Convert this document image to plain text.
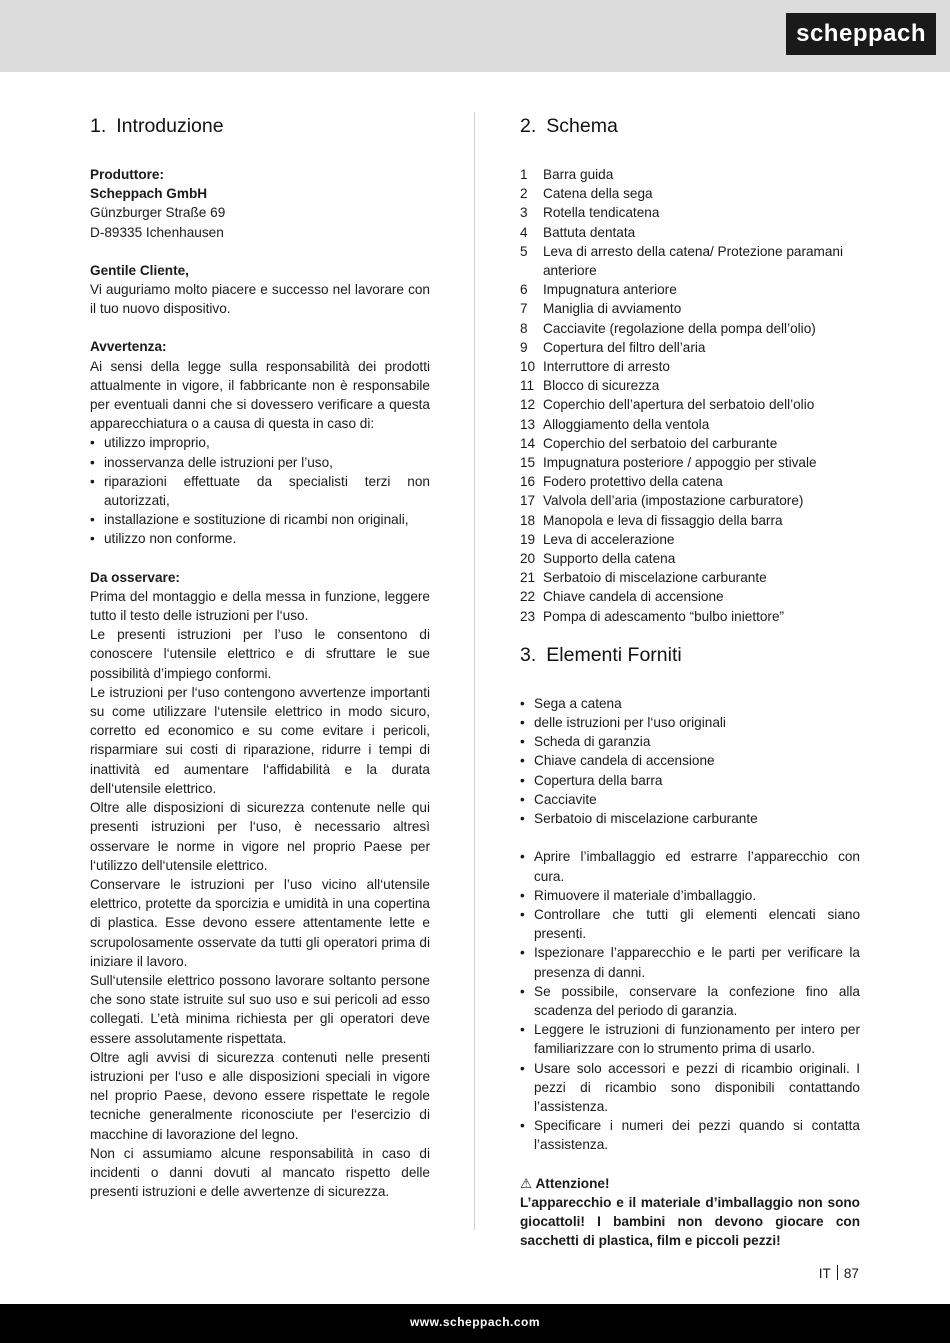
scheppach
1. Introduzione

Produttore:

Scheppach GmbH

Günzburger Straße 69

D-89335 Ichenhausen

Gentile Cliente,

Vi auguriamo molto piacere e successo nel lavorare con il tuo nuovo dispositivo.

Avvertenza:

Ai sensi della legge sulla responsabilità dei prodotti attualmente in vigore, il fabbricante non è responsabile per eventuali danni che si dovessero verificare a questa apparecchiatura o a causa di questa in caso di:

• utilizzo improprio,
• inosservanza delle istruzioni per l’uso,
• riparazioni effettuate da specialisti terzi non autorizzati,
• installazione e sostituzione di ricambi non originali,
• utilizzo non conforme.

Da osservare:

Prima del montaggio e della messa in funzione, leggere tutto il testo delle istruzioni per l‘uso.

Le presenti istruzioni per l’uso le consentono di conoscere l‘utensile elettrico e di sfruttare le sue possibilità d’impiego conformi.

Le istruzioni per l‘uso contengono avvertenze importanti su come utilizzare l‘utensile elettrico in modo sicuro, corretto ed economico e su come evitare i pericoli, risparmiare sui costi di riparazione, ridurre i tempi di inattività ed aumentare l‘affidabilità e la durata dell‘utensile elettrico.

Oltre alle disposizioni di sicurezza contenute nelle qui presenti istruzioni per l‘uso, è necessario altresì osservare le norme in vigore nel proprio Paese per l‘utilizzo dell‘utensile elettrico.

Conservare le istruzioni per l’uso vicino all‘utensile elettrico, protette da sporcizia e umidità in una copertina di plastica. Esse devono essere attentamente lette e scrupolosamente osservate da tutti gli operatori prima di iniziare il lavoro.

Sull‘utensile elettrico possono lavorare soltanto persone che sono state istruite sul suo uso e sui pericoli ad esso collegati. L’età minima richiesta per gli operatori deve essere assolutamente rispettata.

Oltre agli avvisi di sicurezza contenuti nelle presenti istruzioni per l‘uso e alle disposizioni speciali in vigore nel proprio Paese, devono essere rispettate le regole tecniche generalmente riconosciute per l‘esercizio di macchine di lavorazione del legno.

Non ci assumiamo alcune responsabilità in caso di incidenti o danni dovuti al mancato rispetto delle presenti istruzioni e delle avvertenze di sicurezza.

2. Schema
1 Barra guida
2 Catena della sega
3 Rotella tendicatena
4 Battuta dentata
5 Leva di arresto della catena/ Protezione paramani anteriore
6 Impugnatura anteriore
7 Maniglia di avviamento
8 Cacciavite (regolazione della pompa dell’olio)
9 Copertura del filtro dell’aria
10 Interruttore di arresto
11 Blocco di sicurezza
12 Coperchio dell’apertura del serbatoio dell’olio
13 Alloggiamento della ventola
14 Coperchio del serbatoio del carburante
15 Impugnatura posteriore / appoggio per stivale
16 Fodero protettivo della catena
17 Valvola dell’aria (impostazione carburatore)
18 Manopola e leva di fissaggio della barra
19 Leva di accelerazione
20 Supporto della catena
21 Serbatoio di miscelazione carburante
22 Chiave candela di accensione
23 Pompa di adescamento “bulbo iniettore”
3. Elementi Forniti
• Sega a catena
• delle istruzioni per l‘uso originali
• Scheda di garanzia
• Chiave candela di accensione
• Copertura della barra
• Cacciavite
• Serbatoio di miscelazione carburante
• Aprire l’imballaggio ed estrarre l’apparecchio con cura.
• Rimuovere il materiale d’imballaggio.
• Controllare che tutti gli elementi elencati siano presenti.
• Ispezionare l’apparecchio e le parti per verificare la presenza di danni.
• Se possibile, conservare la confezione fino alla scadenza del periodo di garanzia.
• Leggere le istruzioni di funzionamento per intero per familiarizzare con lo strumento prima di usarlo.
• Usare solo accessori e pezzi di ricambio originali. I pezzi di ricambio sono disponibili contattando l’assistenza.
• Specificare i numeri dei pezzi quando si contatta l’assistenza.

⚠ Attenzione!

L’apparecchio e il materiale d’imballaggio non sono giocattoli! I bambini non devono giocare con sacchetti di plastica, film e piccoli pezzi!

IT 87
www.scheppach.com
